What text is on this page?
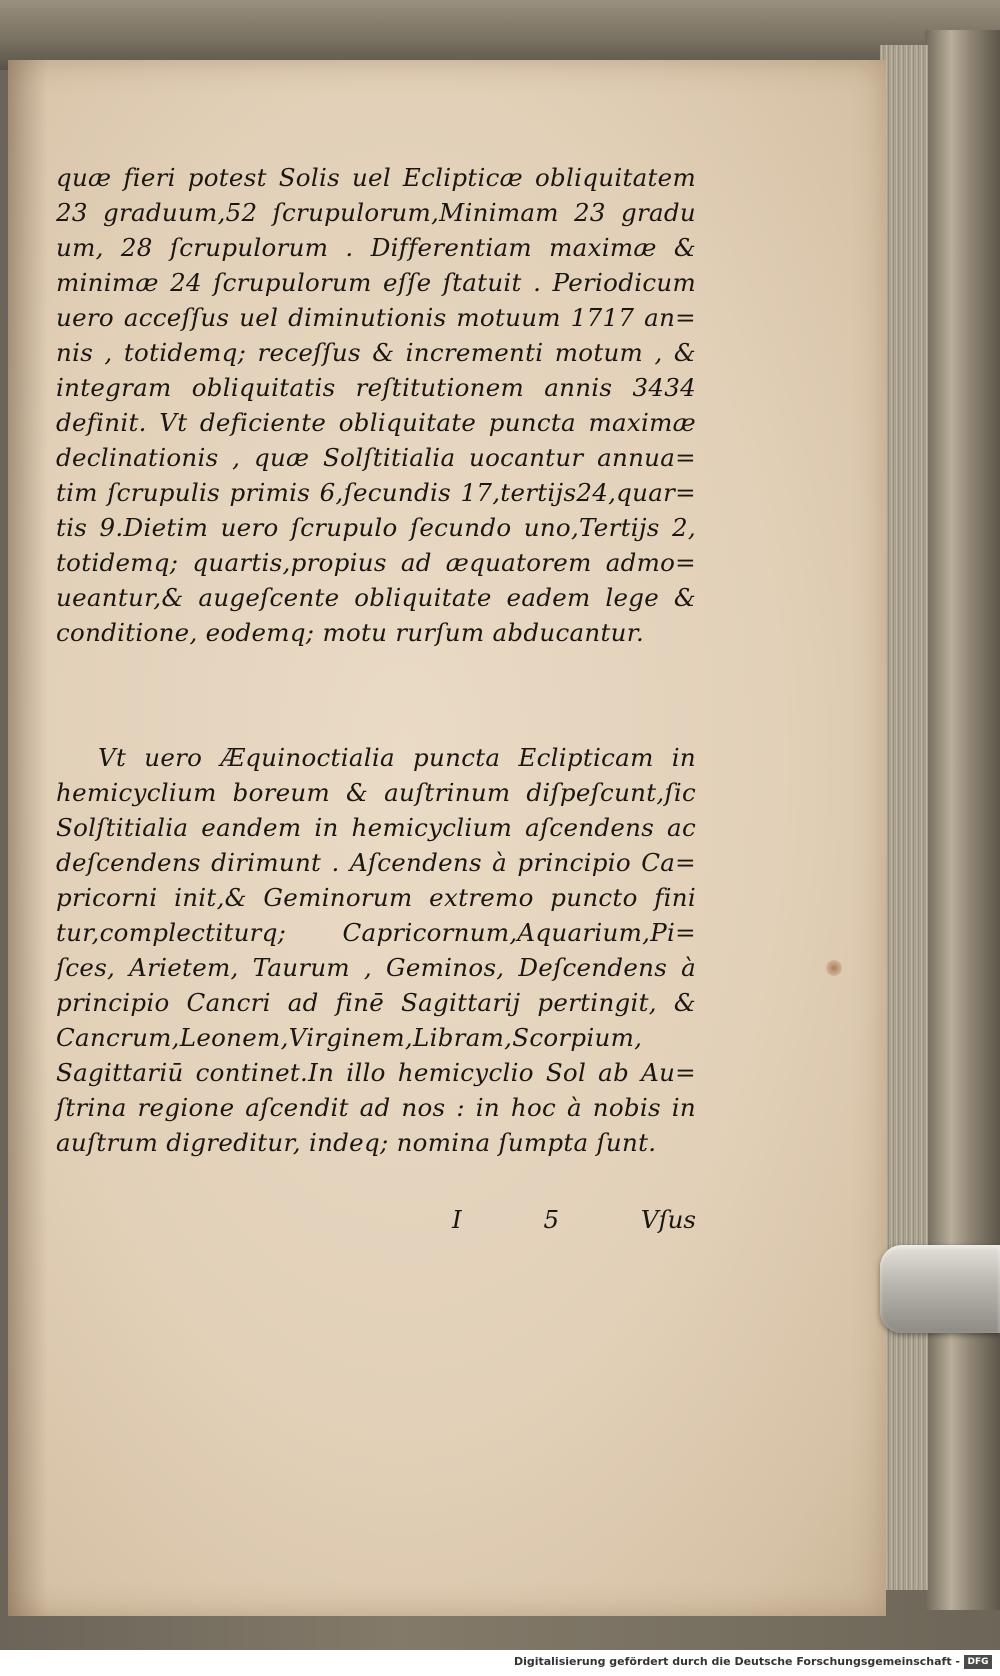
quæ fieri potest Solis uel Eclipticæ obliquitatem
23 graduum,52 ſcrupulorum,Minimam 23 gradu
um, 28 ſcrupulorum . Differentiam maximæ &
minimæ 24 ſcrupulorum eſſe ſtatuit . Periodicum
uero acceſſus uel diminutionis motuum 1717 an=
nis , totidemq; receſſus & incrementi motum , &
integram obliquitatis reſtitutionem annis 3434
definit. Vt deficiente obliquitate puncta maximæ
declinationis , quæ Solſtitialia uocantur annua=
tim ſcrupulis primis 6,ſecundis 17,tertijs24,quar=
tis 9.Dietim uero ſcrupulo ſecundo uno,Tertijs 2,
totidemq; quartis,propius ad æquatorem admo=
ueantur,& augeſcente obliquitate eadem lege &
conditione, eodemq; motu rurſum abducantur.
Vt uero Æquinoctialia puncta Eclipticam in
hemicyclium boreum & auſtrinum diſpeſcunt,ſic
Solſtitialia eandem in hemicyclium aſcendens ac
deſcendens dirimunt . Aſcendens à principio Ca=
pricorni init,& Geminorum extremo puncto fini
tur,complectiturq; Capricornum,Aquarium,Pi=
ſces, Arietem, Taurum , Geminos, Deſcendens à
principio Cancri ad finē Sagittarij pertingit, &
Cancrum,Leonem,Virginem,Libram,Scorpium,
Sagittariū continet.In illo hemicyclio Sol ab Au=
ſtrina regione aſcendit ad nos : in hoc à nobis in
auſtrum digreditur, indeq; nomina ſumpta ſunt.
I	5	Vſus
Digitalisierung gefördert durch die Deutsche Forschungsgemeinschaft - DFG
